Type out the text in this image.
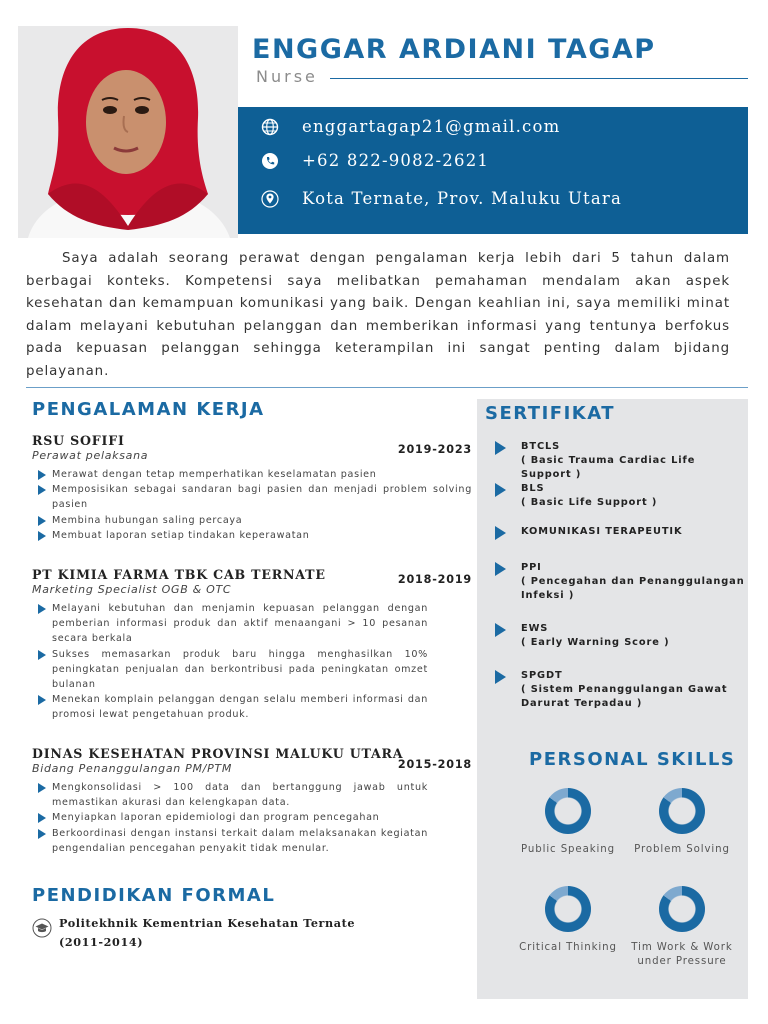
ENGGAR ARDIANI TAGAP
Nurse
enggartagap21@gmail.com
+62 822-9082-2621
Kota Ternate, Prov. Maluku Utara

Saya adalah seorang perawat dengan pengalaman kerja lebih dari 5 tahun dalam berbagai konteks. Kompetensi saya melibatkan pemahaman mendalam akan aspek kesehatan dan kemampuan komunikasi yang baik. Dengan keahlian ini, saya memiliki minat dalam melayani kebutuhan pelanggan dan memberikan informasi yang tentunya berfokus pada kepuasan pelanggan sehingga keterampilan ini sangat penting dalam bjidang pelayanan.

PENGALAMAN KERJA
2019-2023
RSU SOFIFI
Perawat pelaksana
Merawat dengan tetap memperhatikan keselamatan pasien
Memposisikan sebagai sandaran bagi pasien dan menjadi problem solving pasien
Membina hubungan saling percaya
Membuat laporan setiap tindakan keperawatan
2018-2019
PT KIMIA FARMA TBK CAB TERNATE
Marketing Specialist OGB & OTC
Melayani kebutuhan dan menjamin kepuasan pelanggan dengan pemberian informasi produk dan aktif menaangani > 10 pesanan secara berkala
Sukses memasarkan produk baru hingga menghasilkan 10% peningkatan penjualan dan berkontribusi pada peningkatan omzet bulanan
Menekan komplain pelanggan dengan selalu memberi informasi dan promosi lewat pengetahuan produk.
2015-2018
DINAS KESEHATAN PROVINSI MALUKU UTARA
Bidang Penanggulangan PM/PTM
Mengkonsolidasi > 100 data dan bertanggung jawab untuk memastikan akurasi dan kelengkapan data.
Menyiapkan laporan epidemiologi dan program pencegahan
Berkoordinasi dengan instansi terkait dalam melaksanakan kegiatan pengendalian pencegahan penyakit tidak menular.
PENDIDIKAN FORMAL
Politekhnik Kementrian Kesehatan Ternate
(2011-2014)
SERTIFIKAT
BTCLS
( Basic Trauma Cardiac Life Support )
BLS
( Basic Life Support )
KOMUNIKASI TERAPEUTIK
PPI
( Pencegahan dan Penanggulangan Infeksi )
EWS
( Early Warning Score )
SPGDT
( Sistem Penanggulangan Gawat Darurat Terpadau )
PERSONAL SKILLS
Public Speaking	Problem Solving
Critical Thinking	Tim Work & Work under Pressure
